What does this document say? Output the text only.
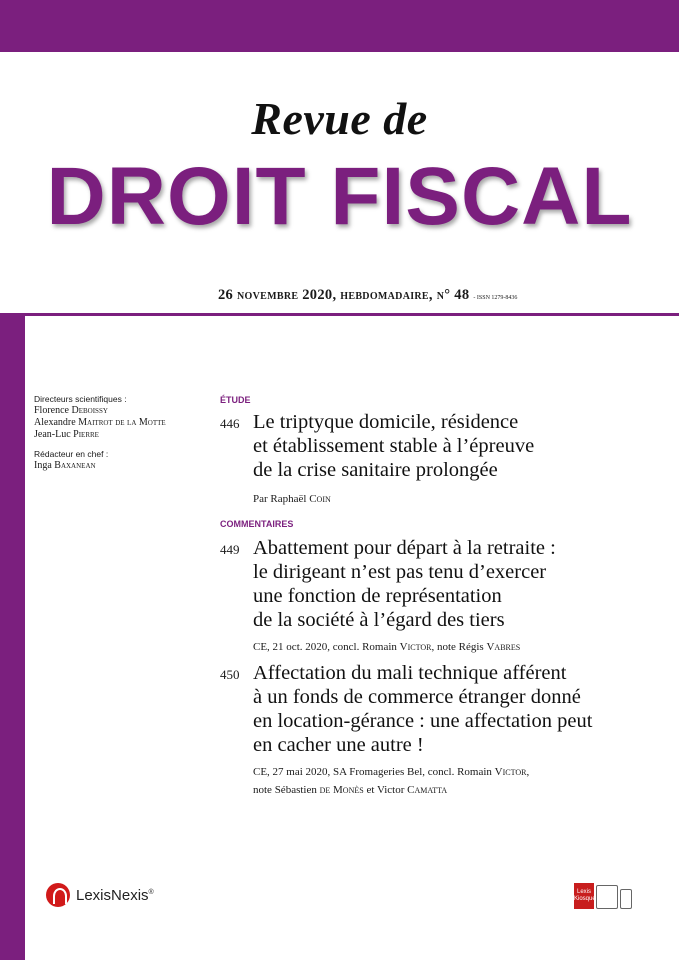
Revue de
DROIT FISCAL
26 novembre 2020, hebdomadaire, n° 48 - ISSN 1279-8436
Directeurs scientifiques :
Florence Deboissy
Alexandre Maitrot de la Motte
Jean-Luc Pierre
Rédacteur en chef :
Inga Baxanean
ÉTUDE
446 Le triptyque domicile, résidence
et établissement stable à l’épreuve
de la crise sanitaire prolongée
Par Raphaël Coin
COMMENTAIRES
449 Abattement pour départ à la retraite :
le dirigeant n’est pas tenu d’exercer
une fonction de représentation
de la société à l’égard des tiers
CE, 21 oct. 2020, concl. Romain Victor, note Régis Vabres
450 Affectation du mali technique afférent
à un fonds de commerce étranger donné
en location-gérance : une affectation peut
en cacher une autre !
CE, 27 mai 2020, SA Fromageries Bel, concl. Romain Victor,
note Sébastien de Monès et Victor Camatta
LexisNexis®	Lexis
Kiosque
